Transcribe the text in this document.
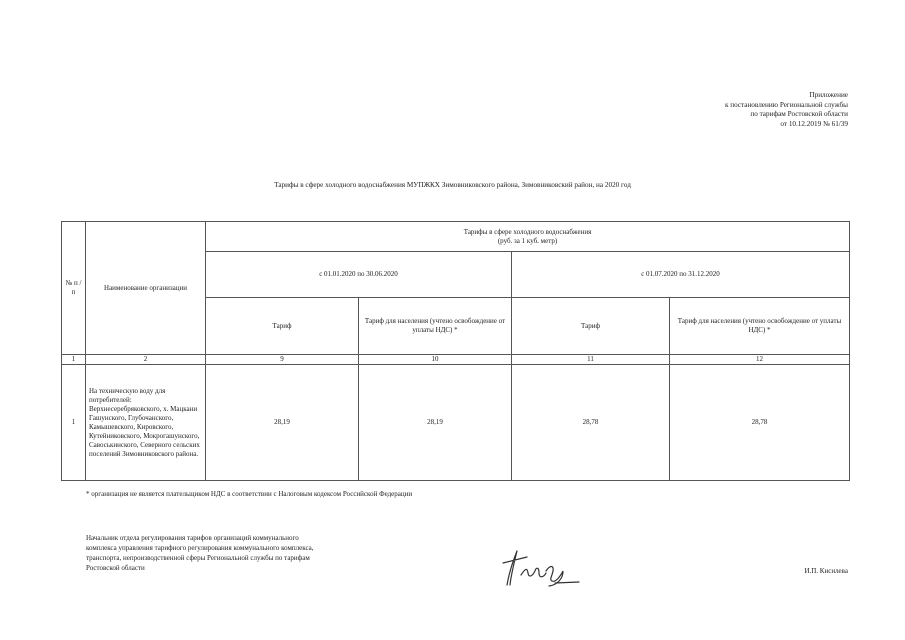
Приложение
к постановлению Региональной службы
по тарифам Ростовской области
от 10.12.2019 № 61/39
Тарифы в сфере холодного водоснабжения МУПЖКХ Зимовниковского района, Зимовниковский район, на 2020 год
№ п /п	Наименование организации	Тарифы в сфере холодного водоснабжения
(руб. за 1 куб. метр)			

		с 01.01.2020 по 30.06.2020		с 01.07.2020 по 31.12.2020	
		Тариф	Тариф для населения (учтено освобождение от уплаты НДС) *	Тариф	Тариф для населения (учтено освобождение от уплаты НДС) *
1	2	9	10	11	12
1	На техническую воду для потребителей: Верхнесеребряковского, х. Мацкани Гашунского, Глубочанского, Камышевского, Кировского, Кутейниковского, Мокрогашунского, Савоськинского, Северного сельских поселений Зимовниковского района.	28,19	28,19	28,78	28,78
* организация не является плательщиком НДС в соответствии с Налоговым кодексом Российской Федерации
Начальник отдела регулирования тарифов организаций коммунального
комплекса управления тарифного регулирования коммунального комплекса,
транспорта, непроизводственной сферы Региональной службы по тарифам
Ростовской области	И.П. Кисилева
